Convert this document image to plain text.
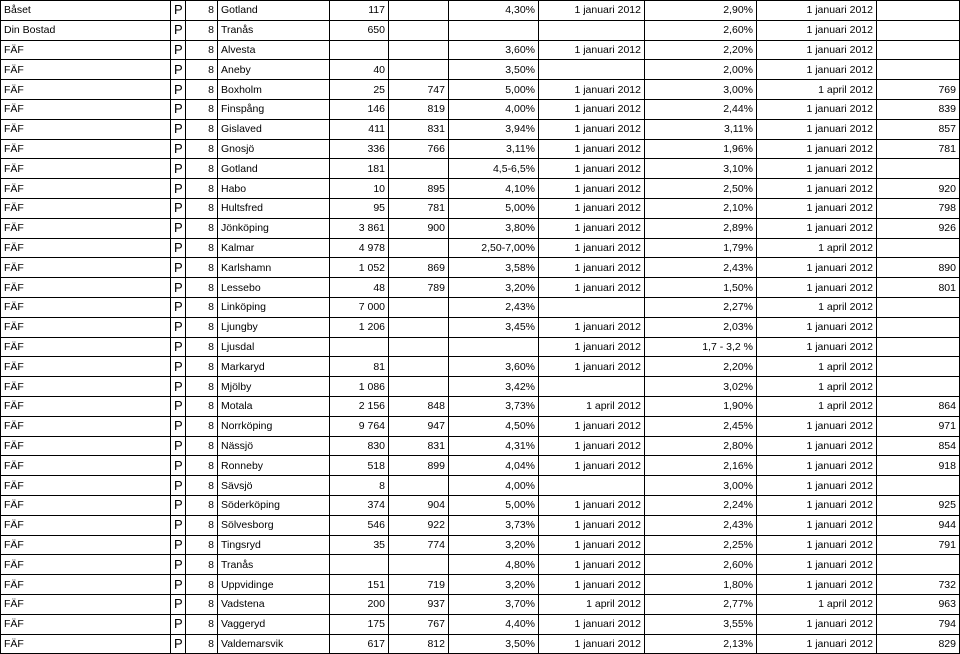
Båset	P	8	Gotland	117		4,30%	1 januari 2012	2,90%	1 januari 2012	
Din Bostad	P	8	Tranås	650				2,60%	1 januari 2012	
FÄF	P	8	Alvesta			3,60%	1 januari 2012	2,20%	1 januari 2012	
FÄF	P	8	Aneby	40		3,50%		2,00%	1 januari 2012	
FÄF	P	8	Boxholm	25	747	5,00%	1 januari 2012	3,00%	1 april 2012	769
FÄF	P	8	Finspång	146	819	4,00%	1 januari 2012	2,44%	1 januari 2012	839
FÄF	P	8	Gislaved	411	831	3,94%	1 januari 2012	3,11%	1 januari 2012	857
FÄF	P	8	Gnosjö	336	766	3,11%	1 januari 2012	1,96%	1 januari 2012	781
FÄF	P	8	Gotland	181		4,5-6,5%	1 januari 2012	3,10%	1 januari 2012	
FÄF	P	8	Habo	10	895	4,10%	1 januari 2012	2,50%	1 januari 2012	920
FÄF	P	8	Hultsfred	95	781	5,00%	1 januari 2012	2,10%	1 januari 2012	798
FÄF	P	8	Jönköping	3 861	900	3,80%	1 januari 2012	2,89%	1 januari 2012	926
FÄF	P	8	Kalmar	4 978		2,50-7,00%	1 januari 2012	1,79%	1 april 2012	
FÄF	P	8	Karlshamn	1 052	869	3,58%	1 januari 2012	2,43%	1 januari 2012	890
FÄF	P	8	Lessebo	48	789	3,20%	1 januari 2012	1,50%	1 januari 2012	801
FÄF	P	8	Linköping	7 000		2,43%		2,27%	1 april 2012	
FÄF	P	8	Ljungby	1 206		3,45%	1 januari 2012	2,03%	1 januari 2012	
FÄF	P	8	Ljusdal				1 januari 2012	1,7 - 3,2 %	1 januari 2012	
FÄF	P	8	Markaryd	81		3,60%	1 januari 2012	2,20%	1 april 2012	
FÄF	P	8	Mjölby	1 086		3,42%		3,02%	1 april 2012	
FÄF	P	8	Motala	2 156	848	3,73%	1 april 2012	1,90%	1 april 2012	864
FÄF	P	8	Norrköping	9 764	947	4,50%	1 januari 2012	2,45%	1 januari 2012	971
FÄF	P	8	Nässjö	830	831	4,31%	1 januari 2012	2,80%	1 januari 2012	854
FÄF	P	8	Ronneby	518	899	4,04%	1 januari 2012	2,16%	1 januari 2012	918
FÄF	P	8	Sävsjö	8		4,00%		3,00%	1 januari 2012	
FÄF	P	8	Söderköping	374	904	5,00%	1 januari 2012	2,24%	1 januari 2012	925
FÄF	P	8	Sölvesborg	546	922	3,73%	1 januari 2012	2,43%	1 januari 2012	944
FÄF	P	8	Tingsryd	35	774	3,20%	1 januari 2012	2,25%	1 januari 2012	791
FÄF	P	8	Tranås			4,80%	1 januari 2012	2,60%	1 januari 2012	
FÄF	P	8	Uppvidinge	151	719	3,20%	1 januari 2012	1,80%	1 januari 2012	732
FÄF	P	8	Vadstena	200	937	3,70%	1 april 2012	2,77%	1 april 2012	963
FÄF	P	8	Vaggeryd	175	767	4,40%	1 januari 2012	3,55%	1 januari 2012	794
FÄF	P	8	Valdemarsvik	617	812	3,50%	1 januari 2012	2,13%	1 januari 2012	829
